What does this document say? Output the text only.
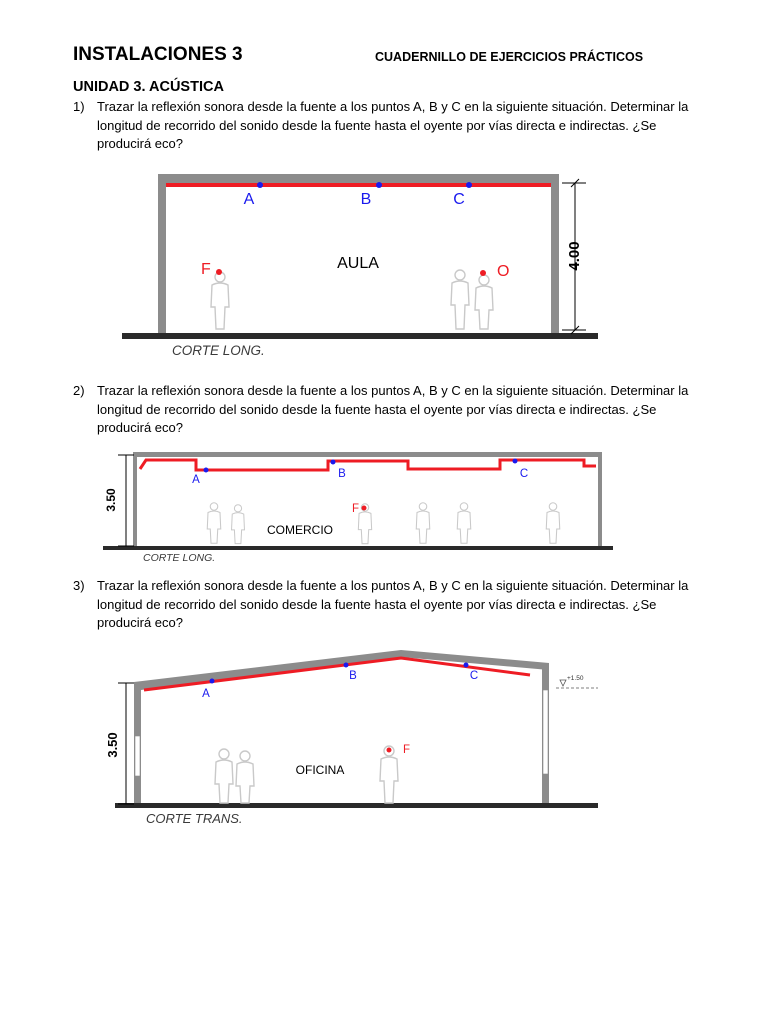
INSTALACIONES 3	CUADERNILLO DE EJERCICIOS PRÁCTICOS
UNIDAD 3. ACÚSTICA
1) Trazar la reflexión sonora desde la fuente a los puntos A, B y C en la siguiente situación. Determinar la longitud de recorrido del sonido desde la fuente hasta el oyente por vías directa e indirectas. ¿Se producirá eco?
4.00
A	B	C
AULA
F	O
CORTE LONG.
2) Trazar la reflexión sonora desde la fuente a los puntos A, B y C en la siguiente situación. Determinar la longitud de recorrido del sonido desde la fuente hasta el oyente por vías directa e indirectas. ¿Se producirá eco?
3.50
A	B	C
COMERCIO
F
CORTE LONG.
3) Trazar la reflexión sonora desde la fuente a los puntos A, B y C en la siguiente situación. Determinar la longitud de recorrido del sonido desde la fuente hasta el oyente por vías directa e indirectas. ¿Se producirá eco?
3.50
+1.50
A
B	C
OFICINA
F
CORTE TRANS.
